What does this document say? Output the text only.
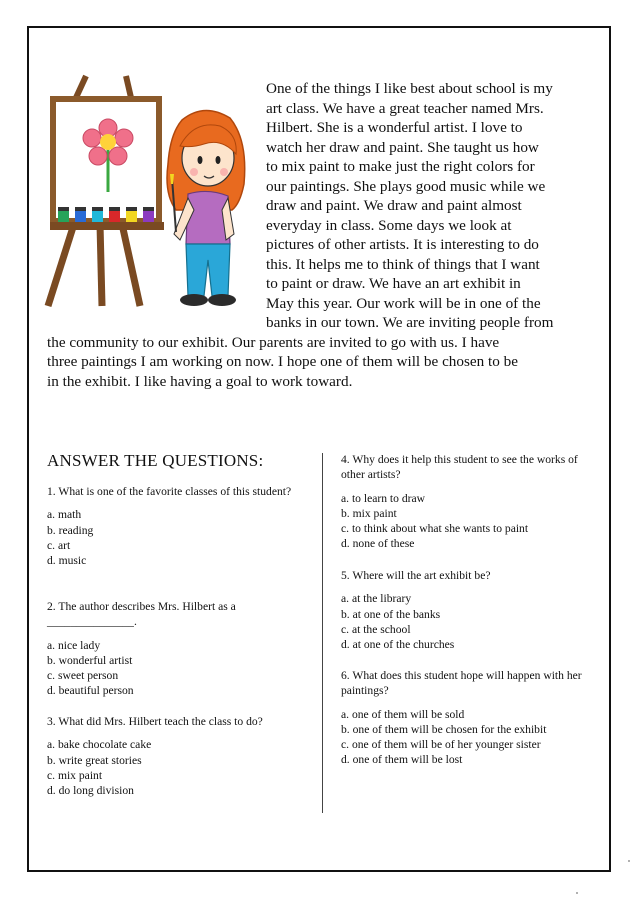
One of the things I like best about school is my
art class. We have a great teacher named Mrs.
Hilbert. She is a wonderful artist. I love to
watch her draw and paint. She taught us how
to mix paint to make just the right colors for
our paintings. She plays good music while we
draw and paint. We draw and paint almost
everyday in class. Some days we look at
pictures of other artists. It is interesting to do
this. It helps me to think of things that I want
to paint or draw. We have an art exhibit in
May this year. Our work will be in one of the
banks in our town. We are inviting people from
the community to our exhibit. Our parents are invited to go with us. I have
three paintings I am working on now. I hope one of them will be chosen to be
in the exhibit. I like having a goal to work toward.
ANSWER THE QUESTIONS:
1. What is one of the favorite classes of this student?
a. math
b. reading
c. art
d. music
2. The author describes Mrs. Hilbert as a _______________.
a. nice lady
b. wonderful artist
c. sweet person
d. beautiful person
3. What did Mrs. Hilbert teach the class to do?
a. bake chocolate cake
b. write great stories
c. mix paint
d. do long division
4. Why does it help this student to see the works of other artists?
a. to learn to draw
b. mix paint
c. to think about what she wants to paint
d. none of these
5. Where will the art exhibit be?
a. at the library
b. at one of the banks
c. at the school
d. at one of the churches
6. What does this student hope will happen with her paintings?
a. one of them will be sold
b. one of them will be chosen for the exhibit
c. one of them will be of her younger sister
d. one of them will be lost
